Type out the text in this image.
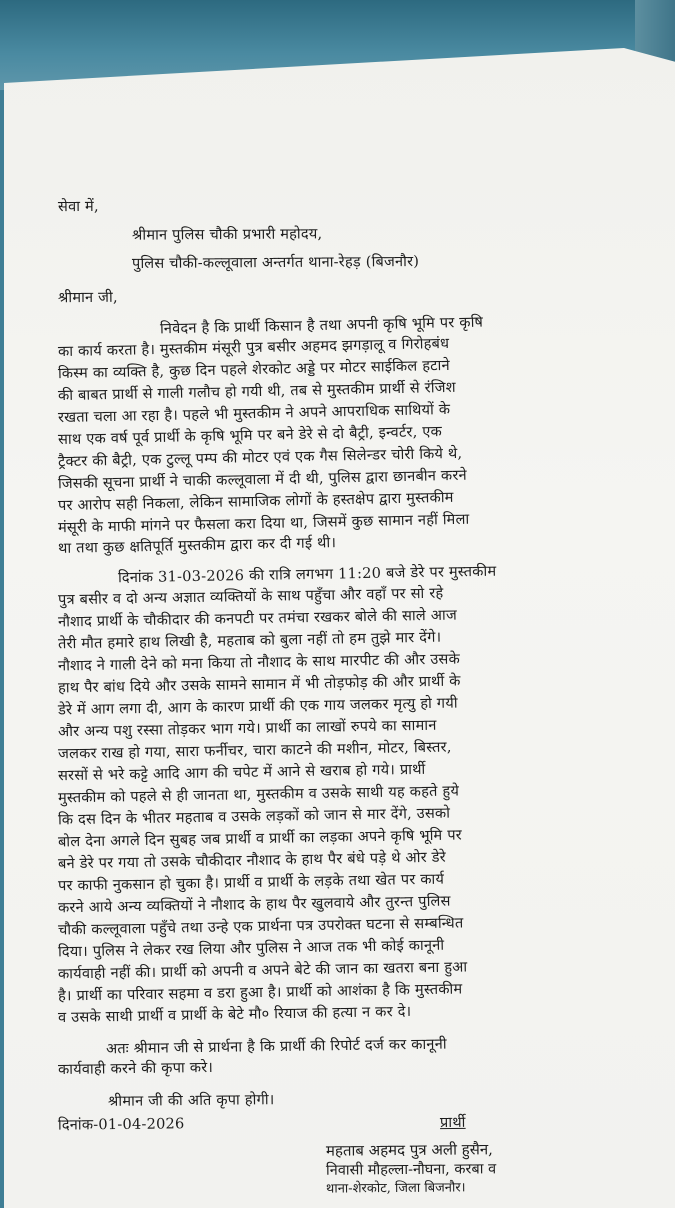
सेवा में,
श्रीमान पुलिस चौकी प्रभारी महोदय,
पुलिस चौकी-कल्लूवाला अन्तर्गत थाना-रेहड़ (बिजनौर)
श्रीमान जी,
निवेदन है कि प्रार्थी किसान है तथा अपनी कृषि भूमि पर कृषि
का कार्य करता है। मुस्तकीम मंसूरी पुत्र बसीर अहमद झगड़ालू व गिरोहबंध
किस्म का व्यक्ति है, कुछ दिन पहले शेरकोट अड्डे पर मोटर साईकिल हटाने
की बाबत प्रार्थी से गाली गलौच हो गयी थी, तब से मुस्तकीम प्रार्थी से रंजिश
रखता चला आ रहा है। पहले भी मुस्तकीम ने अपने आपराधिक साथियों के
साथ एक वर्ष पूर्व प्रार्थी के कृषि भूमि पर बने डेरे से दो बैट्री, इन्वर्टर, एक
ट्रैक्टर की बैट्री, एक टुल्लू पम्प की मोटर एवं एक गैस सिलेन्डर चोरी किये थे,
जिसकी सूचना प्रार्थी ने चाकी कल्लूवाला में दी थी, पुलिस द्वारा छानबीन करने
पर आरोप सही निकला, लेकिन सामाजिक लोगों के हस्तक्षेप द्वारा मुस्तकीम
मंसूरी के माफी मांगने पर फैसला करा दिया था, जिसमें कुछ सामान नहीं मिला
था तथा कुछ क्षतिपूर्ति मुस्तकीम द्वारा कर दी गई थी।
दिनांक 31-03-2026 की रात्रि लगभग 11:20 बजे डेरे पर मुस्तकीम
पुत्र बसीर व दो अन्य अज्ञात व्यक्तियों के साथ पहुँचा और वहाँ पर सो रहे
नौशाद प्रार्थी के चौकीदार की कनपटी पर तमंचा रखकर बोले की साले आज
तेरी मौत हमारे हाथ लिखी है, महताब को बुला नहीं तो हम तुझे मार देंगे।
नौशाद ने गाली देने को मना किया तो नौशाद के साथ मारपीट की और उसके
हाथ पैर बांध दिये और उसके सामने सामान में भी तोड़फोड़ की और प्रार्थी के
डेरे में आग लगा दी, आग के कारण प्रार्थी की एक गाय जलकर मृत्यु हो गयी
और अन्य पशु रस्सा तोड़कर भाग गये। प्रार्थी का लाखों रुपये का सामान
जलकर राख हो गया, सारा फर्नीचर, चारा काटने की मशीन, मोटर, बिस्तर,
सरसों से भरे कट्टे आदि आग की चपेट में आने से खराब हो गये। प्रार्थी
मुस्तकीम को पहले से ही जानता था, मुस्तकीम व उसके साथी यह कहते हुये
कि दस दिन के भीतर महताब व उसके लड़कों को जान से मार देंगे, उसको
बोल देना अगले दिन सुबह जब प्रार्थी व प्रार्थी का लड़का अपने कृषि भूमि पर
बने डेरे पर गया तो उसके चौकीदार नौशाद के हाथ पैर बंधे पड़े थे ओर डेरे
पर काफी नुकसान हो चुका है। प्रार्थी व प्रार्थी के लड़के तथा खेत पर कार्य
करने आये अन्य व्यक्तियों ने नौशाद के हाथ पैर खुलवाये और तुरन्त पुलिस
चौकी कल्लूवाला पहुँचे तथा उन्हे एक प्रार्थना पत्र उपरोक्त घटना से सम्बन्धित
दिया। पुलिस ने लेकर रख लिया और पुलिस ने आज तक भी कोई कानूनी
कार्यवाही नहीं की। प्रार्थी को अपनी व अपने बेटे की जान का खतरा बना हुआ
है। प्रार्थी का परिवार सहमा व डरा हुआ है। प्रार्थी को आशंका है कि मुस्तकीम
व उसके साथी प्रार्थी व प्रार्थी के बेटे मौ० रियाज की हत्या न कर दे।
अतः श्रीमान जी से प्रार्थना है कि प्रार्थी की रिपोर्ट दर्ज कर कानूनी
कार्यवाही करने की कृपा करे।
श्रीमान जी की अति कृपा होगी।
दिनांक-01-04-2026	प्रार्थी
महताब अहमद पुत्र अली हुसैन,
निवासी मौहल्ला-नौघना, करबा व
थाना-शेरकोट, जिला बिजनौर।
